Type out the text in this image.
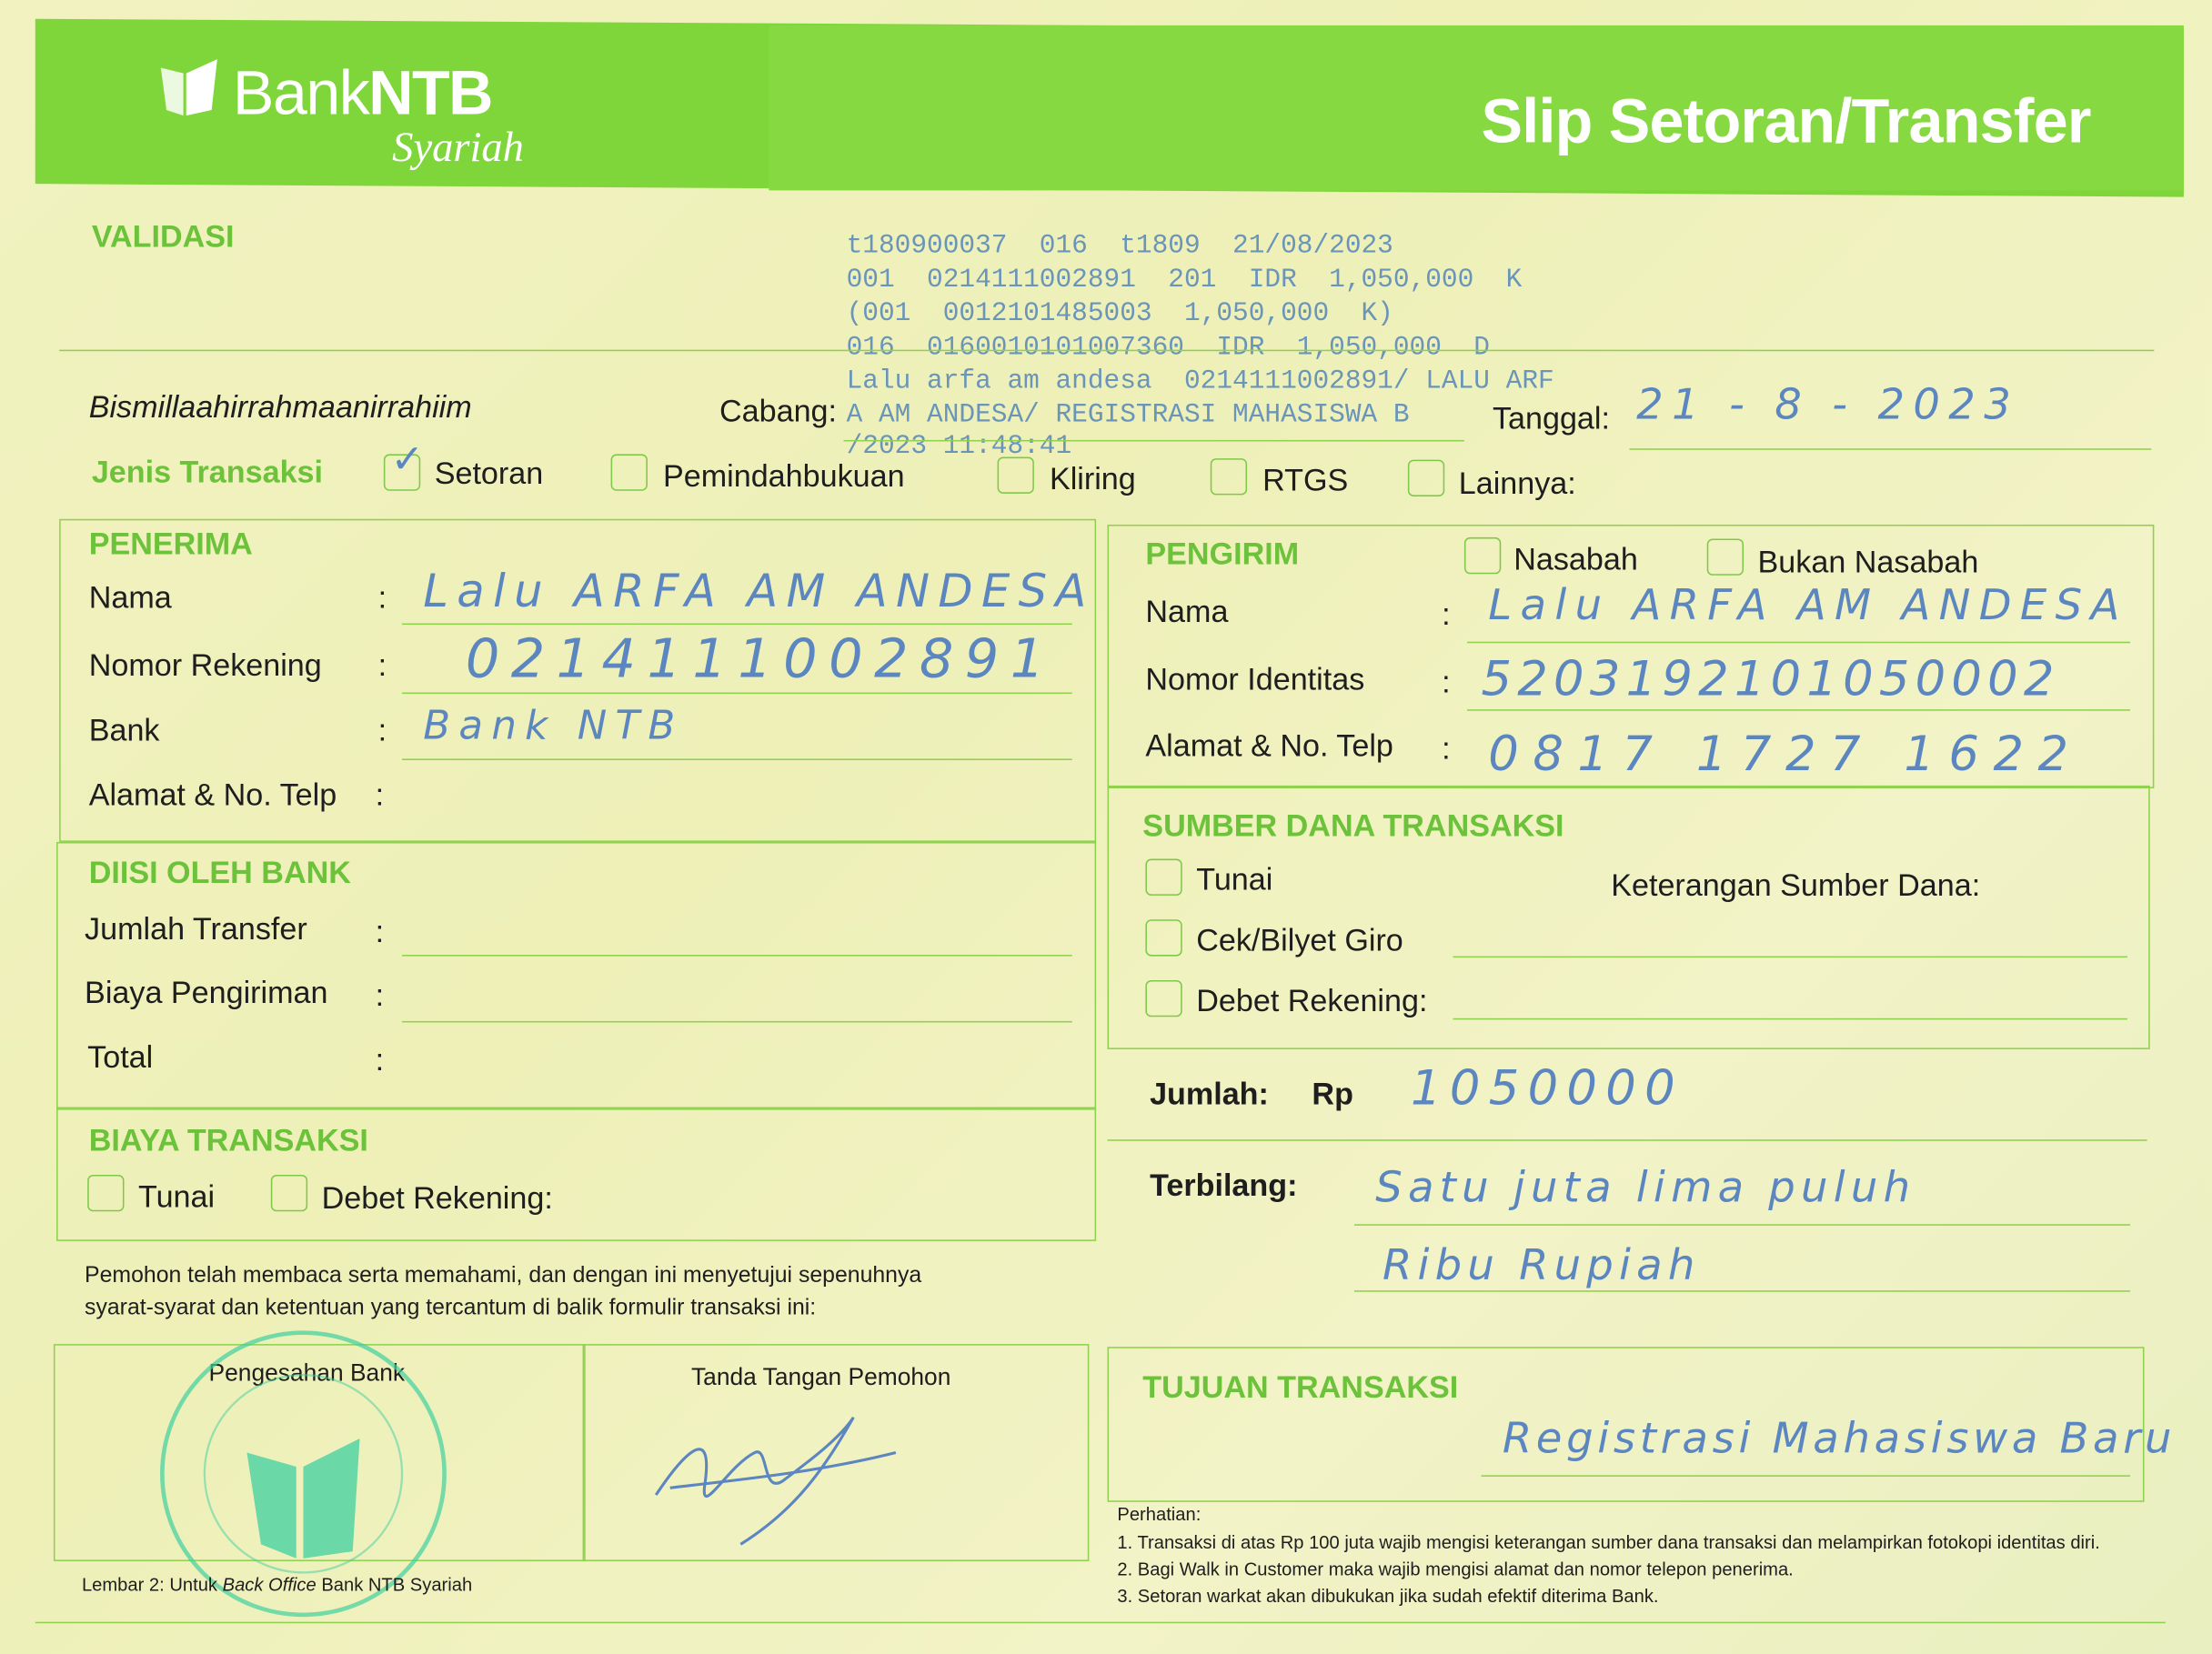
BankNTB
Syariah	Slip Setoran/Transfer
VALIDASI	t180900037  016  t1809  21/08/2023
001  0214111002891  201  IDR  1,050,000  K
(001  0012101485003  1,050,000  K)
016  0160010101007360  IDR  1,050,000  D
Lalu arfa am andesa  0214111002891/ LALU ARF
A AM ANDESA/ REGISTRASI MAHASISWA B
/2023 11:48:41
Bismillaahirrahmaanirrahiim	Cabang:	Tanggal: 21 - 8 - 2023
Jenis Transaksi	✓ Setoran	Pemindahbukuan	Kliring	RTGS	Lainnya:
PENERIMA
Nama	: Lalu ARFA AM ANDESA
Nomor Rekening	: 0214111002891
Bank	: Bank NTB
Alamat & No. Telp :
DIISI OLEH BANK
Jumlah Transfer	:
Biaya Pengiriman :
Total	:
BIAYA TRANSAKSI
Tunai	Debet Rekening:
Pemohon telah membaca serta memahami, dan dengan ini menyetujui sepenuhnya
syarat-syarat dan ketentuan yang tercantum di balik formulir transaksi ini:
Pengesahan Bank	Tanda Tangan Pemohon
Lembar 2: Untuk Back Office Bank NTB Syariah
PENGIRIM	Nasabah	Bukan Nasabah
Nama	: Lalu ARFA AM ANDESA
Nomor Identitas	: 5203192101050002
Alamat & No. Telp : 0817 1727 1622
SUMBER DANA TRANSAKSI
Tunai
Cek/Bilyet Giro
Debet Rekening:
Keterangan Sumber Dana:
Jumlah: Rp 1050000
Terbilang:	Satu juta lima puluh
Ribu Rupiah
TUJUAN TRANSAKSI
Registrasi Mahasiswa Baru
Perhatian:
1. Transaksi di atas Rp 100 juta wajib mengisi keterangan sumber dana transaksi dan melampirkan fotokopi identitas diri.
2. Bagi Walk in Customer maka wajib mengisi alamat dan nomor telepon penerima.
3. Setoran warkat akan dibukukan jika sudah efektif diterima Bank.
